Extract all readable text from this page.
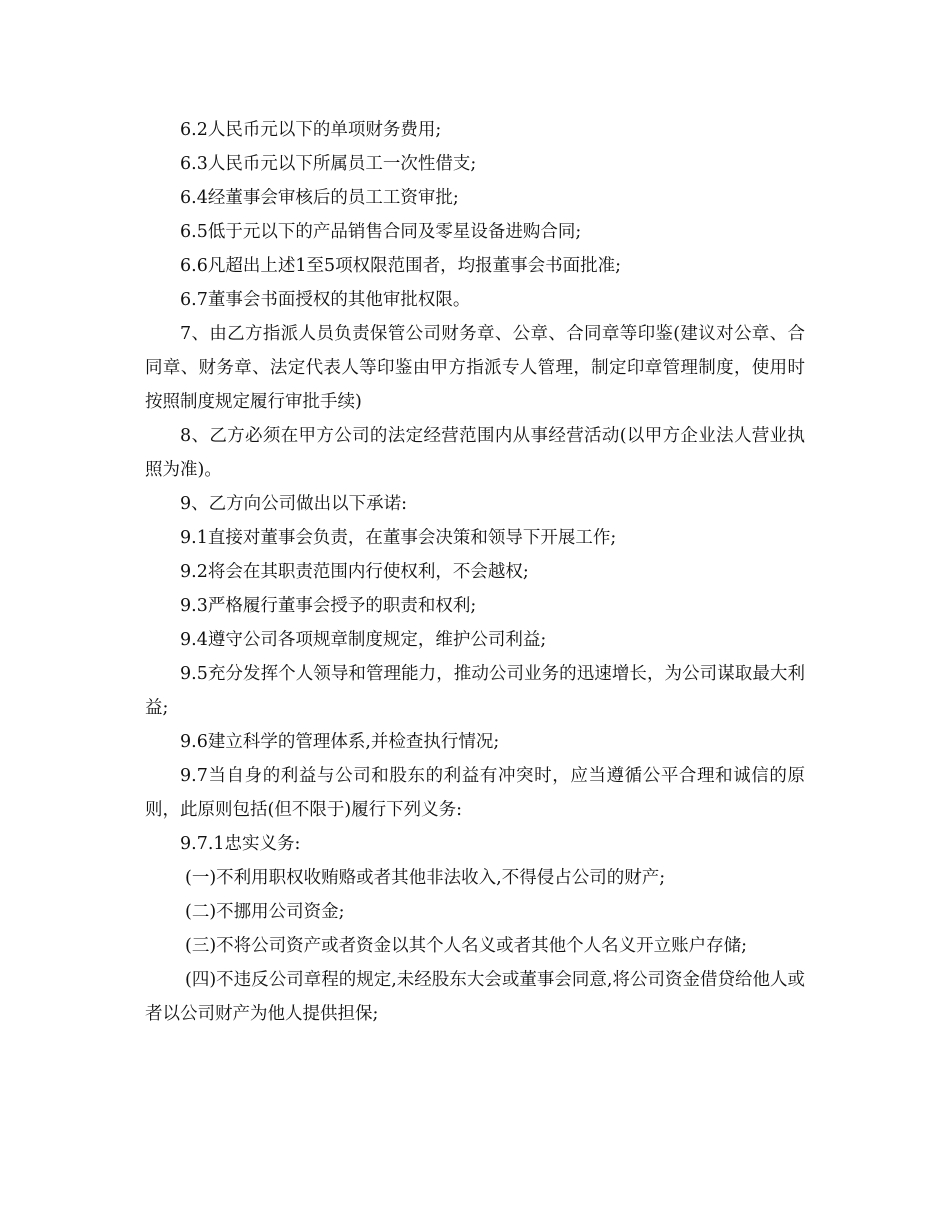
6.2人民币元以下的单项财务费用;

6.3人民币元以下所属员工一次性借支;

6.4经董事会审核后的员工工资审批;

6.5低于元以下的产品销售合同及零星设备进购合同;

6.6凡超出上述1至5项权限范围者，均报董事会书面批准;

6.7董事会书面授权的其他审批权限。

7、由乙方指派人员负责保管公司财务章、公章、合同章等印鉴(建议对公章、合同章、财务章、法定代表人等印鉴由甲方指派专人管理，制定印章管理制度，使用时按照制度规定履行审批手续)

8、乙方必须在甲方公司的法定经营范围内从事经营活动(以甲方企业法人营业执照为准)。

9、乙方向公司做出以下承诺:

9.1直接对董事会负责，在董事会决策和领导下开展工作;

9.2将会在其职责范围内行使权利，不会越权;

9.3严格履行董事会授予的职责和权利;

9.4遵守公司各项规章制度规定，维护公司利益;

9.5充分发挥个人领导和管理能力，推动公司业务的迅速增长，为公司谋取最大利益;

9.6建立科学的管理体系,并检查执行情况;

9.7当自身的利益与公司和股东的利益有冲突时，应当遵循公平合理和诚信的原则，此原则包括(但不限于)履行下列义务:

9.7.1忠实义务:

(一)不利用职权收贿赂或者其他非法收入,不得侵占公司的财产;

(二)不挪用公司资金;

(三)不将公司资产或者资金以其个人名义或者其他个人名义开立账户存储;

(四)不违反公司章程的规定,未经股东大会或董事会同意,将公司资金借贷给他人或者以公司财产为他人提供担保;
